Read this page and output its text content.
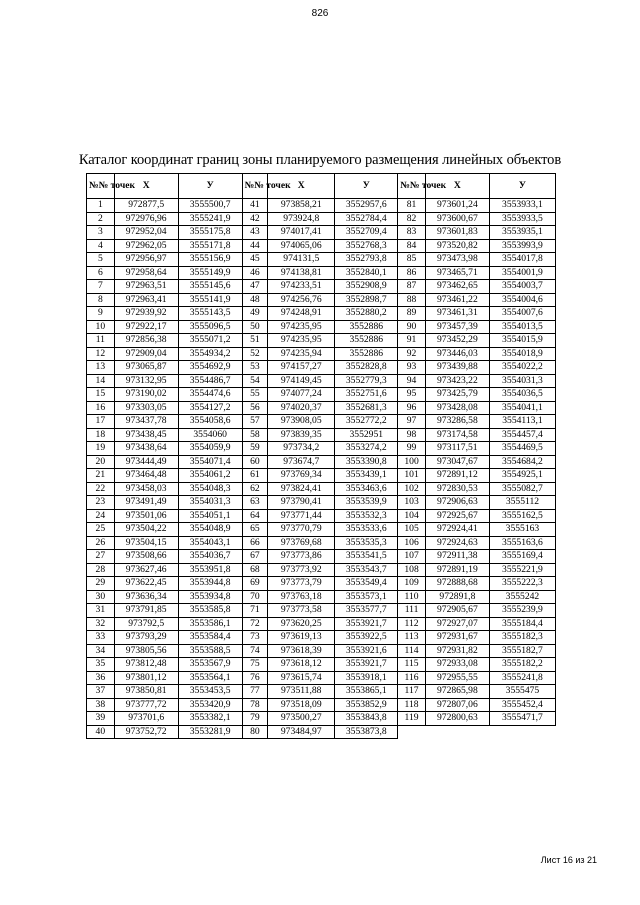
826
Каталог координат границ зоны планируемого размещения линейных объектов
№№ точек	X	У	№№ точек	X	У	№№ точек	X	У
1	972877,5	3555500,7	41	973858,21	3552957,6	81	973601,24	3553933,1
2	972976,96	3555241,9	42	973924,8	3552784,4	82	973600,67	3553933,5
3	972952,04	3555175,8	43	974017,41	3552709,4	83	973601,83	3553935,1
4	972962,05	3555171,8	44	974065,06	3552768,3	84	973520,82	3553993,9
5	972956,97	3555156,9	45	974131,5	3552793,8	85	973473,98	3554017,8
6	972958,64	3555149,9	46	974138,81	3552840,1	86	973465,71	3554001,9
7	972963,51	3555145,6	47	974233,51	3552908,9	87	973462,65	3554003,7
8	972963,41	3555141,9	48	974256,76	3552898,7	88	973461,22	3554004,6
9	972939,92	3555143,5	49	974248,91	3552880,2	89	973461,31	3554007,6
10	972922,17	3555096,5	50	974235,95	3552886	90	973457,39	3554013,5
11	972856,38	3555071,2	51	974235,95	3552886	91	973452,29	3554015,9
12	972909,04	3554934,2	52	974235,94	3552886	92	973446,03	3554018,9
13	973065,87	3554692,9	53	974157,27	3552828,8	93	973439,88	3554022,2
14	973132,95	3554486,7	54	974149,45	3552779,3	94	973423,22	3554031,3
15	973190,02	3554474,6	55	974077,24	3552751,6	95	973425,79	3554036,5
16	973303,05	3554127,2	56	974020,37	3552681,3	96	973428,08	3554041,1
17	973437,78	3554058,6	57	973908,05	3552772,2	97	973286,58	3554113,1
18	973438,45	3554060	58	973839,35	3552951	98	973174,58	3554457,4
19	973438,64	3554059,9	59	973734,2	3553274,2	99	973117,51	3554469,5
20	973444,49	3554071,4	60	973674,7	3553390,8	100	973047,67	3554684,2
21	973464,48	3554061,2	61	973769,34	3553439,1	101	972891,12	3554925,1
22	973458,03	3554048,3	62	973824,41	3553463,6	102	972830,53	3555082,7
23	973491,49	3554031,3	63	973790,41	3553539,9	103	972906,63	3555112
24	973501,06	3554051,1	64	973771,44	3553532,3	104	972925,67	3555162,5
25	973504,22	3554048,9	65	973770,79	3553533,6	105	972924,41	3555163
26	973504,15	3554043,1	66	973769,68	3553535,3	106	972924,63	3555163,6
27	973508,66	3554036,7	67	973773,86	3553541,5	107	972911,38	3555169,4
28	973627,46	3553951,8	68	973773,92	3553543,7	108	972891,19	3555221,9
29	973622,45	3553944,8	69	973773,79	3553549,4	109	972888,68	3555222,3
30	973636,34	3553934,8	70	973763,18	3553573,1	110	972891,8	3555242
31	973791,85	3553585,8	71	973773,58	3553577,7	111	972905,67	3555239,9
32	973792,5	3553586,1	72	973620,25	3553921,7	112	972927,07	3555184,4
33	973793,29	3553584,4	73	973619,13	3553922,5	113	972931,67	3555182,3
34	973805,56	3553588,5	74	973618,39	3553921,6	114	972931,82	3555182,7
35	973812,48	3553567,9	75	973618,12	3553921,7	115	972933,08	3555182,2
36	973801,12	3553564,1	76	973615,74	3553918,1	116	972955,55	3555241,8
37	973850,81	3553453,5	77	973511,88	3553865,1	117	972865,98	3555475
38	973777,72	3553420,9	78	973518,09	3553852,9	118	972807,06	3555452,4
39	973701,6	3553382,1	79	973500,27	3553843,8	119	972800,63	3555471,7
40	973752,72	3553281,9	80	973484,97	3553873,8			
Лист 16 из 21
